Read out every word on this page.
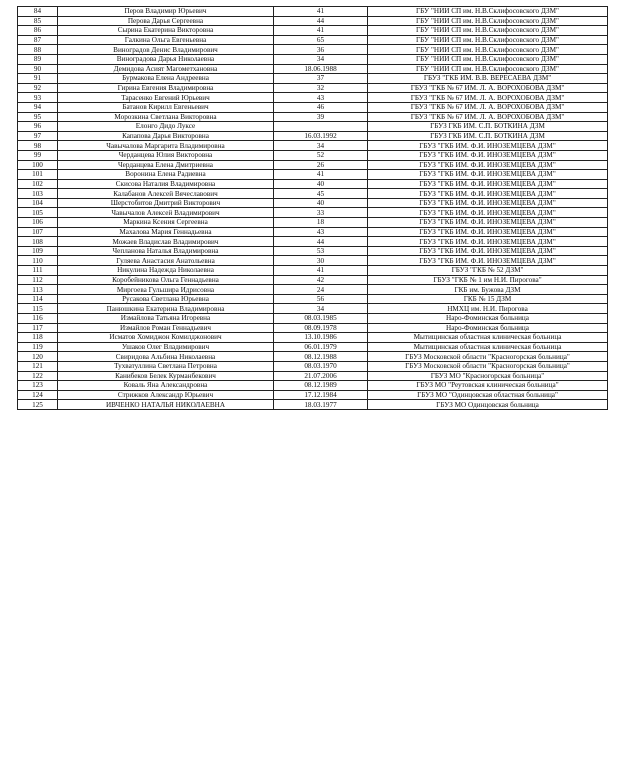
84	Перов Владимир Юрьевич	41	ГБУ "НИИ СП им. Н.В.Склифосовского ДЗМ"
85	Перова Дарья Сергеевна	44	ГБУ "НИИ СП им. Н.В.Склифосовского ДЗМ"
86	Сырина Екатерина Викторовна	41	ГБУ "НИИ СП им. Н.В.Склифосовского ДЗМ"
87	Галкина Ольга Евгеньевна	65	ГБУ "НИИ СП им. Н.В.Склифосовского ДЗМ"
88	Виноградов Денис Владимирович	36	ГБУ "НИИ СП им. Н.В.Склифосовского ДЗМ"
89	Виноградова Дарья Николаевна	34	ГБУ "НИИ СП им. Н.В.Склифосовского ДЗМ"
90	Демидова Асият Магометхановна	18.06.1988	ГБУ "НИИ СП им. Н.В.Склифосовского ДЗМ"
91	Бурмакова Елена Андреевна	37	ГБУЗ "ГКБ ИМ. В.В. ВЕРЕСАЕВА ДЗМ"
92	Гирина Евгения Владимировна	32	ГБУЗ "ГКБ № 67 ИМ. Л. А. ВОРОХОБОВА ДЗМ"
93	Тарасенко Евгений Юрьевич	43	ГБУЗ "ГКБ № 67 ИМ. Л. А. ВОРОХОБОВА ДЗМ"
94	Батанов Кирилл Евгеньевич	46	ГБУЗ "ГКБ № 67 ИМ. Л. А. ВОРОХОБОВА ДЗМ"
95	Морозкина Светлана Викторовна	39	ГБУЗ "ГКБ № 67 ИМ. Л. А. ВОРОХОБОВА ДЗМ"
96	Елонго Дидо Луксе		ГБУЗ ГКБ ИМ. С.П. БОТКИНА ДЗМ
97	Капапова Дарья Викторовна	16.03.1992	ГБУЗ ГКБ ИМ. С.П. БОТКИНА ДЗМ
98	Чавычалова Маргарита Владимировна	34	ГБУЗ "ГКБ ИМ. Ф.И. ИНОЗЕМЦЕВА ДЗМ"
99	Черданцева Юлия Викторовна	52	ГБУЗ "ГКБ ИМ. Ф.И. ИНОЗЕМЦЕВА ДЗМ"
100	Черданцева Елена Дмитриевна	26	ГБУЗ "ГКБ ИМ. Ф.И. ИНОЗЕМЦЕВА ДЗМ"
101	Воронина Елена Радиевна	41	ГБУЗ "ГКБ ИМ. Ф.И. ИНОЗЕМЦЕВА ДЗМ"
102	Скисова Наталия Владимировна	40	ГБУЗ "ГКБ ИМ. Ф.И. ИНОЗЕМЦЕВА ДЗМ"
103	Калабанов Алексей Вячеславович	45	ГБУЗ "ГКБ ИМ. Ф.И. ИНОЗЕМЦЕВА ДЗМ"
104	Шерстобитов Дмитрий Викторович	40	ГБУЗ "ГКБ ИМ. Ф.И. ИНОЗЕМЦЕВА ДЗМ"
105	Чавычалов Алексей Владимирович	33	ГБУЗ "ГКБ ИМ. Ф.И. ИНОЗЕМЦЕВА ДЗМ"
106	Маркина Ксения Сергеевна	18	ГБУЗ "ГКБ ИМ. Ф.И. ИНОЗЕМЦЕВА ДЗМ"
107	Махалова Мария Геннадьевна	43	ГБУЗ "ГКБ ИМ. Ф.И. ИНОЗЕМЦЕВА ДЗМ"
108	Можаев Владислав Владимирович	44	ГБУЗ "ГКБ ИМ. Ф.И. ИНОЗЕМЦЕВА ДЗМ"
109	Чепланова Наталья Владимировна	53	ГБУЗ "ГКБ ИМ. Ф.И. ИНОЗЕМЦЕВА ДЗМ"
110	Гуляева Анастасия Анатольевна	30	ГБУЗ "ГКБ ИМ. Ф.И. ИНОЗЕМЦЕВА ДЗМ"
111	Никулина Надежда Николаевна	41	ГБУЗ "ГКБ № 52 ДЗМ"
112	Коробейникова Ольга Геннадьевна	42	ГБУЗ "ГКБ № 1 им Н.И. Пирогова"
113	Миргоева Гульшира Идрисовна	24	ГКБ им. Бужова ДЗМ
114	Русакова Светлана Юрьевна	56	ГКБ № 15 ДЗМ
115	Панюшкина Екатерина Владимировна	34	НМХЦ им. Н.И. Пирогова
116	Измайлова Татьяна Игоревна	08.03.1985	Наро-Фоминская больница
117	Измайлов Роман Геннадьевич	08.09.1978	Наро-Фоминская больница
118	Исматов Хомиджон Комилджонович	13.10.1986	Мытищинская областная клиническая больница
119	Ушаков Олег Владимирович	06.01.1979	Мытищинская областная клиническая больница
120	Свиридова Альбина Николаевна	08.12.1988	ГБУЗ Московской области "Красногорская больница"
121	Тухватуллина Светлана Петровна	08.03.1970	ГБУЗ Московской области "Красногорская больница"
122	Канибеков Белек Курманбекович	21.07.2006	ГБУЗ МО "Красногорская больница"
123	Коваль Яна Александровна	08.12.1989	ГБУЗ МО "Реутовская клиническая больница"
124	Стрижков Александр Юрьевич	17.12.1984	ГБУЗ МО "Одинцовская областная больница"
125	ИВЧЕНКО НАТАЛЬЯ НИКОЛАЕВНА	18.03.1977	ГБУЗ МО Одинцовская больница
